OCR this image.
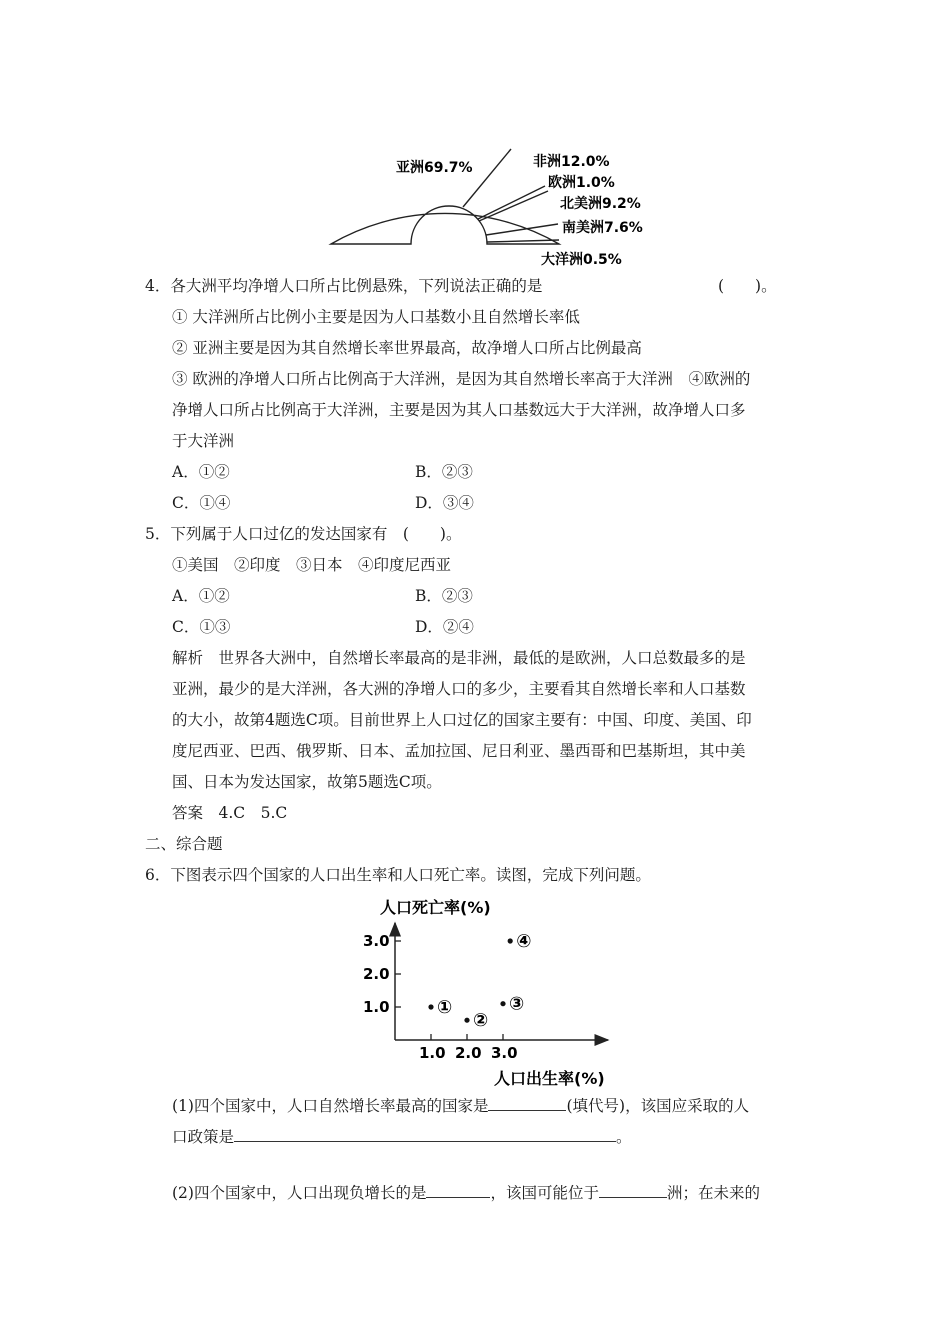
亚洲69.7%	非洲12.0%
欧洲1.0%
北美洲9.2%
南美洲7.6%
大洋洲0.5%
4．各大洲平均净增人口所占比例悬殊，下列说法正确的是	(　　)。
① 大洋洲所占比例小主要是因为人口基数小且自然增长率低
② 亚洲主要是因为其自然增长率世界最高，故净增人口所占比例最高
③ 欧洲的净增人口所占比例高于大洋洲，是因为其自然增长率高于大洋洲　④欧洲的
净增人口所占比例高于大洋洲，主要是因为其人口基数远大于大洋洲，故净增人口多
于大洋洲
A．①②	B．②③
C．①④	D．③④
5．下列属于人口过亿的发达国家有　(　　)。
①美国　②印度　③日本　④印度尼西亚
A．①②	B．②③
C．①③	D．②④
解析　世界各大洲中，自然增长率最高的是非洲，最低的是欧洲，人口总数最多的是
亚洲，最少的是大洋洲，各大洲的净增人口的多少，主要看其自然增长率和人口基数
的大小，故第4题选C项。目前世界上人口过亿的国家主要有：中国、印度、美国、印
度尼西亚、巴西、俄罗斯、日本、孟加拉国、尼日利亚、墨西哥和巴基斯坦，其中美
国、日本为发达国家，故第5题选C项。
答案　4.C　5.C
二、综合题
6．下图表示四个国家的人口出生率和人口死亡率。读图，完成下列问题。
人口死亡率(%)
人口出生率(%)
3.0
2.0
1.0
1.0 2.0 3.0
①
②
③
④
(1)四个国家中，人口自然增长率最高的国家是	(填代号)，该国应采取的人
口政策是	。
(2)四个国家中，人口出现负增长的是	，该国可能位于	洲；在未来的
